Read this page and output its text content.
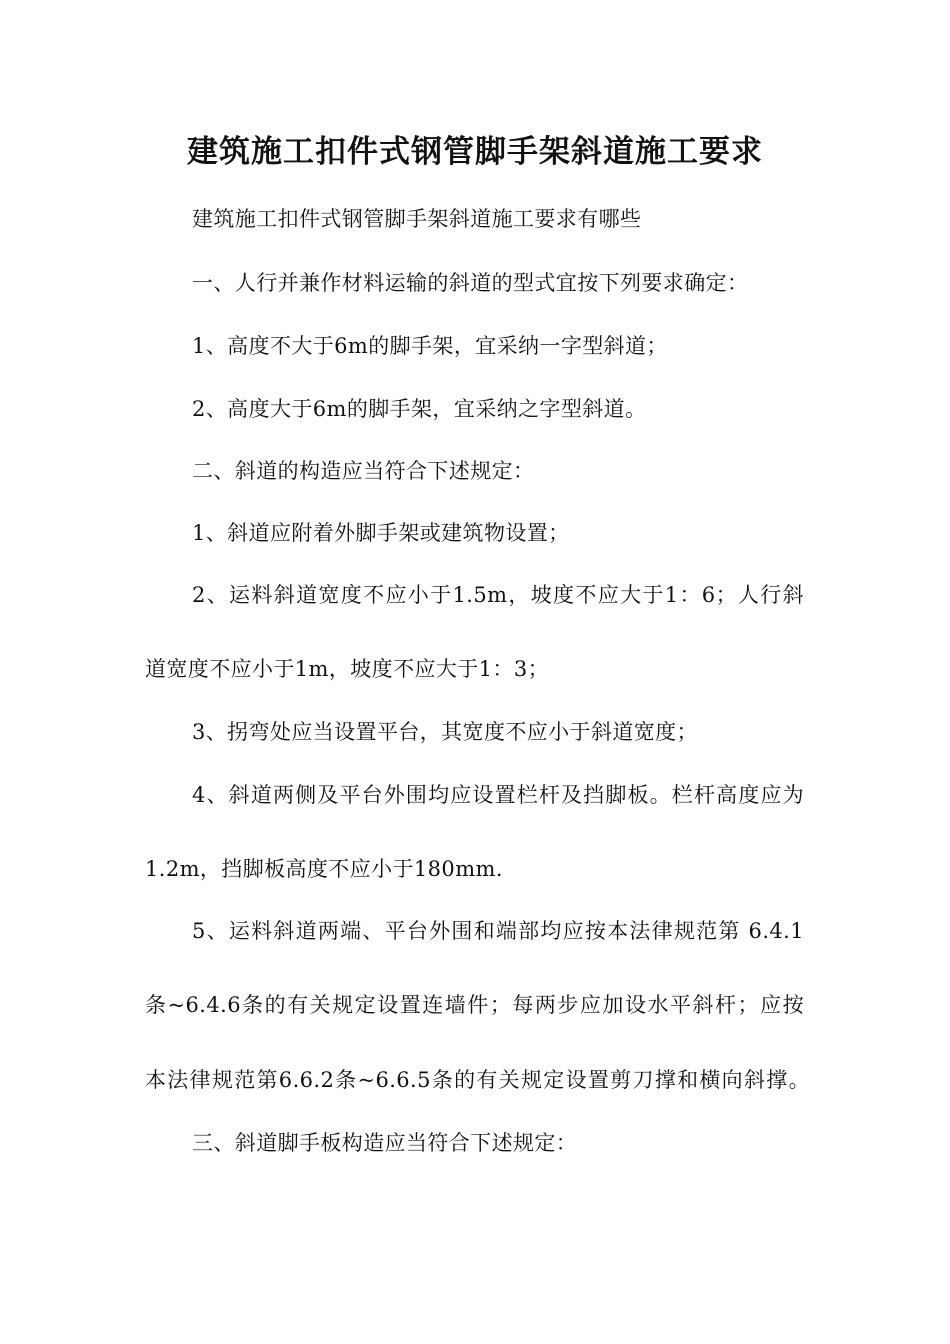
建筑施工扣件式钢管脚手架斜道施工要求
建筑施工扣件式钢管脚手架斜道施工要求有哪些
一、人行并兼作材料运输的斜道的型式宜按下列要求确定：
1、高度不大于6m的脚手架，宜采纳一字型斜道；
2、高度大于6m的脚手架，宜采纳之字型斜道。
二、斜道的构造应当符合下述规定：
1、斜道应附着外脚手架或建筑物设置；
2、运料斜道宽度不应小于1.5m，坡度不应大于1：6；人行斜
道宽度不应小于1m，坡度不应大于1：3；
3、拐弯处应当设置平台，其宽度不应小于斜道宽度；
4、斜道两侧及平台外围均应设置栏杆及挡脚板。栏杆高度应为
1.2m，挡脚板高度不应小于180mm.
5、运料斜道两端、平台外围和端部均应按本法律规范第 6.4.1
条~6.4.6条的有关规定设置连墙件；每两步应加设水平斜杆；应按
本法律规范第6.6.2条~6.6.5条的有关规定设置剪刀撑和横向斜撑。
三、斜道脚手板构造应当符合下述规定：
